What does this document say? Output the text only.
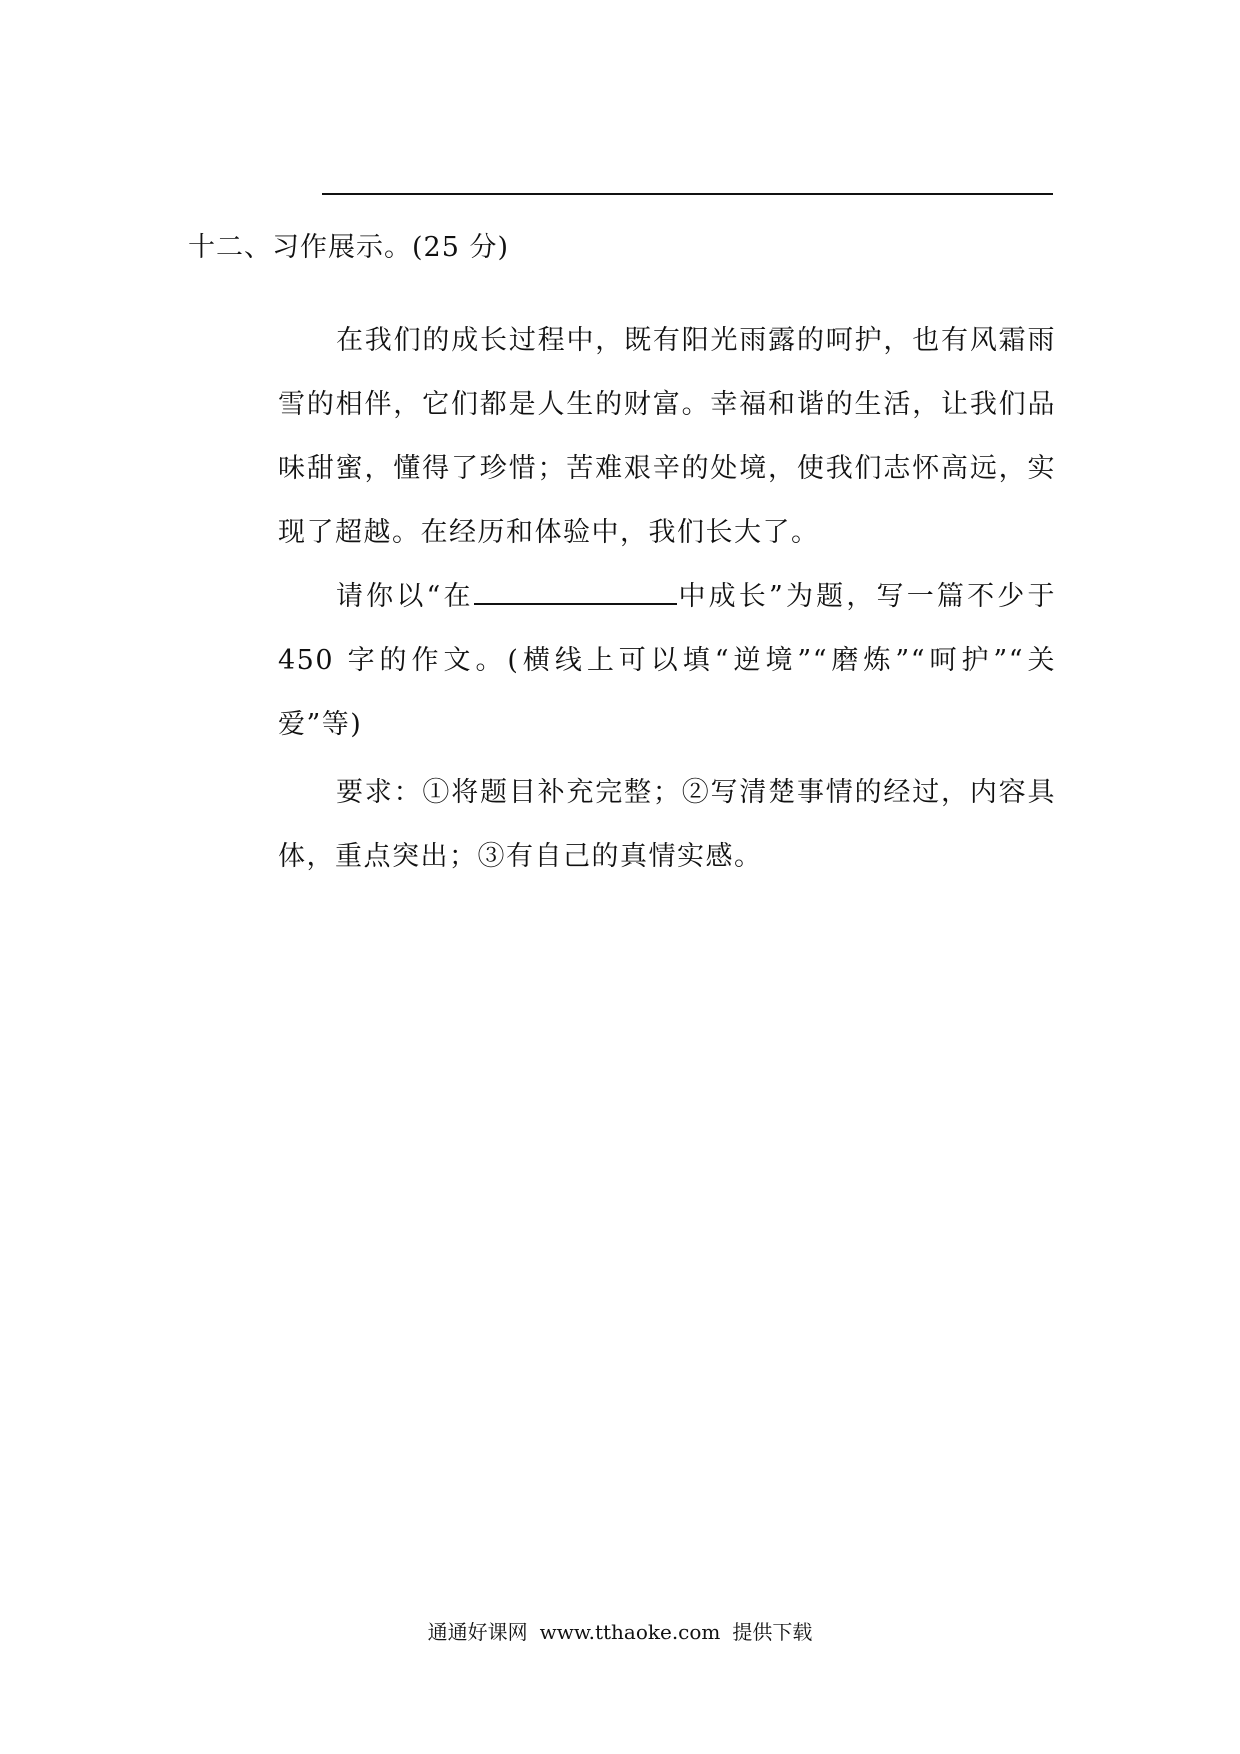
十二、习作展示。(25 分)

在我们的成长过程中，既有阳光雨露的呵护，也有风霜雨雪的相伴，它们都是人生的财富。幸福和谐的生活，让我们品味甜蜜，懂得了珍惜；苦难艰辛的处境，使我们志怀高远，实现了超越。在经历和体验中，我们长大了。

请你以“在	中成长”为题，写一篇不少于 450 字的作文。(横线上可以填“逆境”“磨炼”“呵护”“关爱”等)

要求：①将题目补充完整；②写清楚事情的经过，内容具体，重点突出；③有自己的真情实感。

通通好课网 www.tthaoke.com 提供下载
